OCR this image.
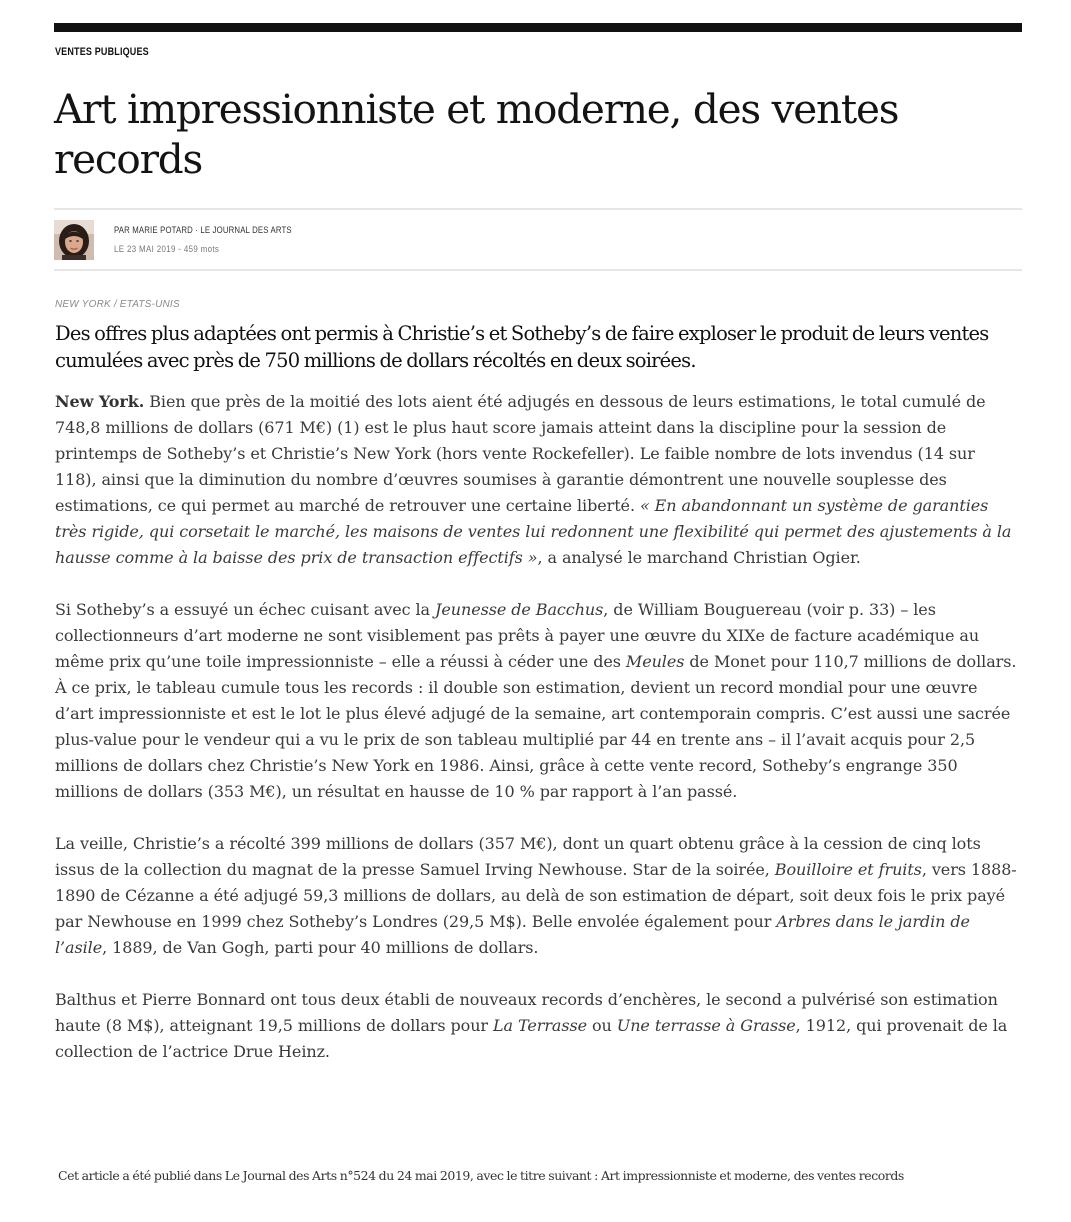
VENTES PUBLIQUES
Art impressionniste et moderne, des ventes records
PAR MARIE POTARD · LE JOURNAL DES ARTS
LE 23 MAI 2019 - 459 mots
NEW YORK / ETATS-UNIS

Des offres plus adaptées ont permis à Christie’s et Sotheby’s de faire exploser le produit de leurs ventes cumulées avec près de 750 millions de dollars récoltés en deux soirées.

New York. Bien que près de la moitié des lots aient été adjugés en dessous de leurs estimations, le total cumulé de 748,8 millions de dollars (671 M€) (1) est le plus haut score jamais atteint dans la discipline pour la session de printemps de Sotheby’s et Christie’s New York (hors vente Rockefeller). Le faible nombre de lots invendus (14 sur 118), ainsi que la diminution du nombre d’œuvres soumises à garantie démontrent une nouvelle souplesse des estimations, ce qui permet au marché de retrouver une certaine liberté. « En abandonnant un système de garanties très rigide, qui corsetait le marché, les maisons de ventes lui redonnent une flexibilité qui permet des ajustements à la hausse comme à la baisse des prix de transaction effectifs », a analysé le marchand Christian Ogier.

Si Sotheby’s a essuyé un échec cuisant avec la Jeunesse de Bacchus, de William Bouguereau (voir p. 33) – les collectionneurs d’art moderne ne sont visiblement pas prêts à payer une œuvre du XIXe de facture académique au même prix qu’une toile impressionniste – elle a réussi à céder une des Meules de Monet pour 110,7 millions de dollars. À ce prix, le tableau cumule tous les records : il double son estimation, devient un record mondial pour une œuvre d’art impressionniste et est le lot le plus élevé adjugé de la semaine, art contemporain compris. C’est aussi une sacrée plus-value pour le vendeur qui a vu le prix de son tableau multiplié par 44 en trente ans – il l’avait acquis pour 2,5 millions de dollars chez Christie’s New York en 1986. Ainsi, grâce à cette vente record, Sotheby’s engrange 350 millions de dollars (353 M€), un résultat en hausse de 10 % par rapport à l’an passé.

La veille, Christie’s a récolté 399 millions de dollars (357 M€), dont un quart obtenu grâce à la cession de cinq lots issus de la collection du magnat de la presse Samuel Irving Newhouse. Star de la soirée, Bouilloire et fruits, vers 1888-1890 de Cézanne a été adjugé 59,3 millions de dollars, au delà de son estimation de départ, soit deux fois le prix payé par Newhouse en 1999 chez Sotheby’s Londres (29,5 M$). Belle envolée également pour Arbres dans le jardin de l’asile, 1889, de Van Gogh, parti pour 40 millions de dollars.

Balthus et Pierre Bonnard ont tous deux établi de nouveaux records d’enchères, le second a pulvérisé son estimation haute (8 M$), atteignant 19,5 millions de dollars pour La Terrasse ou Une terrasse à Grasse, 1912, qui provenait de la collection de l’actrice Drue Heinz.

Cet article a été publié dans Le Journal des Arts n°524 du 24 mai 2019, avec le titre suivant : Art impressionniste et moderne, des ventes records
